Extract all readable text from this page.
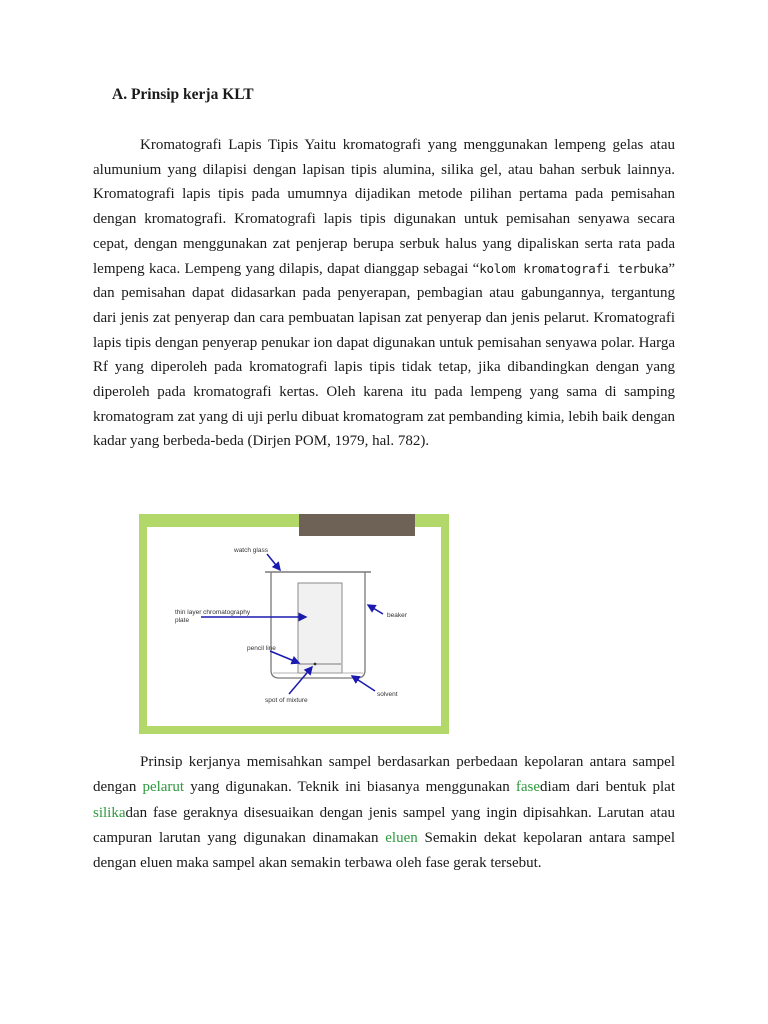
A. Prinsip kerja KLT

Kromatografi Lapis Tipis Yaitu kromatografi yang menggunakan lempeng gelas atau alumunium yang dilapisi dengan lapisan tipis alumina, silika gel, atau bahan serbuk lainnya. Kromatografi lapis tipis pada umumnya dijadikan metode pilihan pertama pada pemisahan dengan kromatografi. Kromatografi lapis tipis digunakan untuk pemisahan senyawa secara cepat, dengan menggunakan zat penjerap berupa serbuk halus yang dipaliskan serta rata pada lempeng kaca. Lempeng yang dilapis, dapat dianggap sebagai “kolom kromatografi terbuka” dan pemisahan dapat didasarkan pada penyerapan, pembagian atau gabungannya, tergantung dari jenis zat penyerap dan cara pembuatan lapisan zat penyerap dan jenis pelarut. Kromatografi lapis tipis dengan penyerap penukar ion dapat digunakan untuk pemisahan senyawa polar. Harga Rf yang diperoleh pada kromatografi lapis tipis tidak tetap, jika dibandingkan dengan yang diperoleh pada kromatografi kertas. Oleh karena itu pada lempeng yang sama di samping kromatogram zat yang di uji perlu dibuat kromatogram zat pembanding kimia, lebih baik dengan kadar yang berbeda-beda (Dirjen POM, 1979, hal. 782).

watch glass
thin layer chromatography
plate
beaker
pencil line
solvent
spot of mixture

Prinsip kerjanya memisahkan sampel berdasarkan perbedaan kepolaran antara sampel dengan pelarut yang digunakan. Teknik ini biasanya menggunakan fasediam dari bentuk plat silikadan fase geraknya disesuaikan dengan jenis sampel yang ingin dipisahkan. Larutan atau campuran larutan yang digunakan dinamakan eluen Semakin dekat kepolaran antara sampel dengan eluen maka sampel akan semakin terbawa oleh fase gerak tersebut.
